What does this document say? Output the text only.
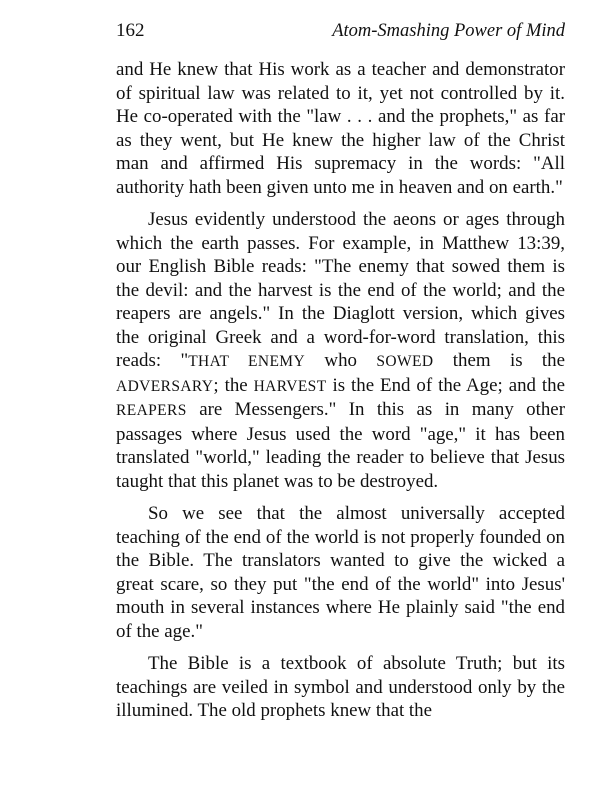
162	Atom-Smashing Power of Mind

and He knew that His work as a teacher and demonstrator of spiritual law was related to it, yet not controlled by it. He co-operated with the "law . . . and the prophets," as far as they went, but He knew the higher law of the Christ man and affirmed His supremacy in the words: "All authority hath been given unto me in heaven and on earth."

Jesus evidently understood the aeons or ages through which the earth passes. For example, in Matthew 13:39, our English Bible reads: "The enemy that sowed them is the devil: and the harvest is the end of the world; and the reapers are angels." In the Diaglott version, which gives the original Greek and a word-for-word translation, this reads: "THAT ENEMY who SOWED them is the ADVERSARY; the HARVEST is the End of the Age; and the REAPERS are Messengers." In this as in many other passages where Jesus used the word "age," it has been translated "world," leading the reader to believe that Jesus taught that this planet was to be destroyed.

So we see that the almost universally accepted teaching of the end of the world is not properly founded on the Bible. The translators wanted to give the wicked a great scare, so they put "the end of the world" into Jesus' mouth in several instances where He plainly said "the end of the age."

The Bible is a textbook of absolute Truth; but its teachings are veiled in symbol and understood only by the illumined. The old prophets knew that the
